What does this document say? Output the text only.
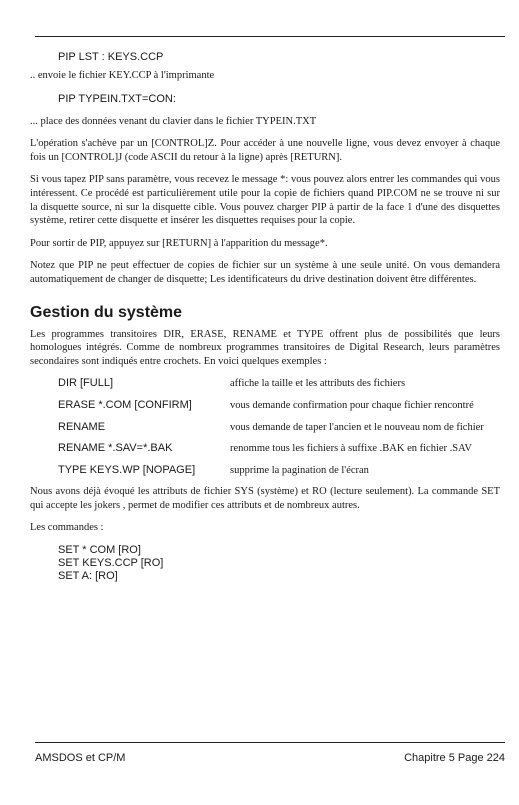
PIP LST : KEYS.CCP

.. envoie le fichier KEY.CCP à l'imprimante

PIP TYPEIN.TXT=CON:

... place des données venant du clavier dans le fichier TYPEIN.TXT

L'opération s'achève par un [CONTROL]Z. Pour accéder à une nouvelle ligne, vous devez envoyer à chaque fois un [CONTROL]J (code ASCII du retour à la ligne) après [RETURN].

Si vous tapez PIP sans paramètre, vous recevez le message *: vous pouvez alors entrer les commandes qui vous intéressent. Ce procédé est particulièrement utile pour la copie de fichiers quand PIP.COM ne se trouve ni sur la disquette source, ni sur la disquette cible. Vous pouvez charger PIP à partir de la face 1 d'une des disquettes système, retirer cette disquette et insérer les disquettes requises pour la copie.

Pour sortir de PIP, appuyez sur [RETURN] à l'apparition du message*.

Notez que PIP ne peut effectuer de copies de fichier sur un système à une seule unité. On vous demandera automatiquement de changer de disquette; Les identificateurs du drive destination doivent être différentes.

Gestion du système

Les programmes transitoires DIR, ERASE, RENAME et TYPE offrent plus de possibilités que leurs homologues intégrés. Comme de nombreux programmes transitoires de Digital Research, leurs paramètres secondaires sont indiqués entre crochets. En voici quelques exemples :

DIR [FULL]	affiche la taille et les attributs des fichiers
ERASE *.COM [CONFIRM]	vous demande confirmation pour chaque fichier rencontré
RENAME	vous demande de taper l'ancien et le nouveau nom de fichier
RENAME *.SAV=*.BAK	renomme tous les fichiers à suffixe .BAK en fichier .SAV
TYPE KEYS.WP [NOPAGE]	supprime la pagination de l'écran

Nous avons déjà évoqué les attributs de fichier SYS (système) et RO (lecture seulement). La commande SET qui accepte les jokers , permet de modifier ces attributs et de nombreux autres.

Les commandes :

SET * COM [RO]
SET KEYS.CCP [RO]
SET A: [RO]
AMSDOS et CP/M	Chapitre 5 Page 224
